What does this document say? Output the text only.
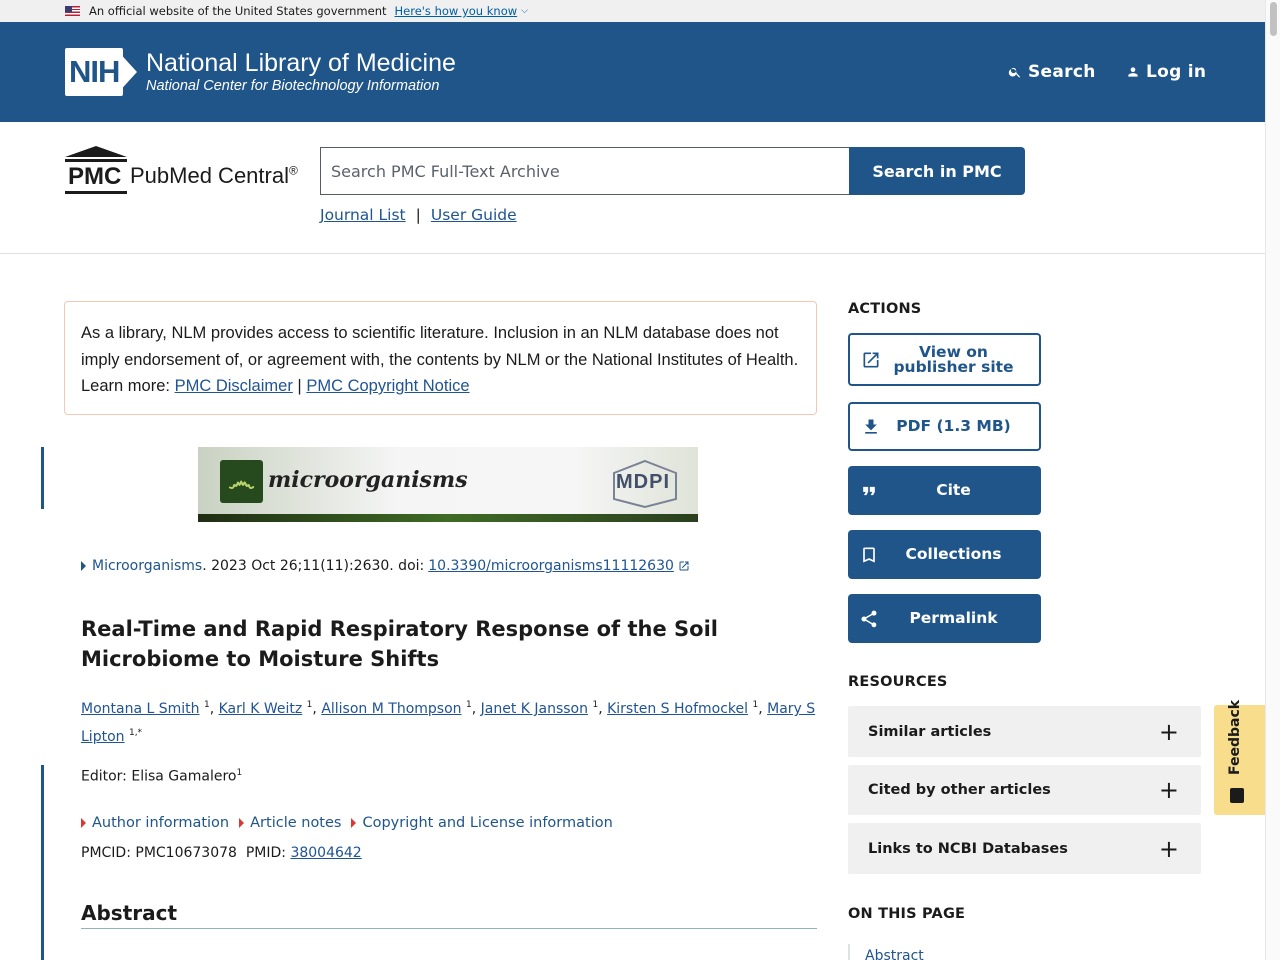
An official website of the United States government Here's how you know ⌵
NIH National Library of Medicine
National Center for Biotechnology Information
Search	Log in
PMC PubMed Central®
Search PMC Full-Text Archive	Search in PMC
Journal List | User Guide
As a library, NLM provides access to scientific literature. Inclusion in an NLM database does not imply endorsement of, or agreement with, the contents by NLM or the National Institutes of Health. Learn more: PMC Disclaimer | PMC Copyright Notice
෴ microorganisms	MDPI
Microorganisms . 2023 Oct 26;11(11):2630. doi: 10.3390/microorganisms11112630
Real-Time and Rapid Respiratory Response of the Soil Microbiome to Moisture Shifts
Montana L Smith $^1$, Karl K Weitz $^1$, Allison M Thompson $^1$, Janet K Jansson $^1$, Kirsten S Hofmockel $^1$, Mary S Lipton $^{1,*}$
Editor: Elisa Gamalero$^1$
Author information Article notes Copyright and License information
PMCID: PMC10673078 PMID: 38004642
Abstract
ACTIONS
View on
publisher site
PDF (1.3 MB)
Cite
Collections
Permalink
RESOURCES
Similar articles	+
Cited by other articles	+
Links to NCBI Databases	+
ON THIS PAGE
Abstract
Feedback
